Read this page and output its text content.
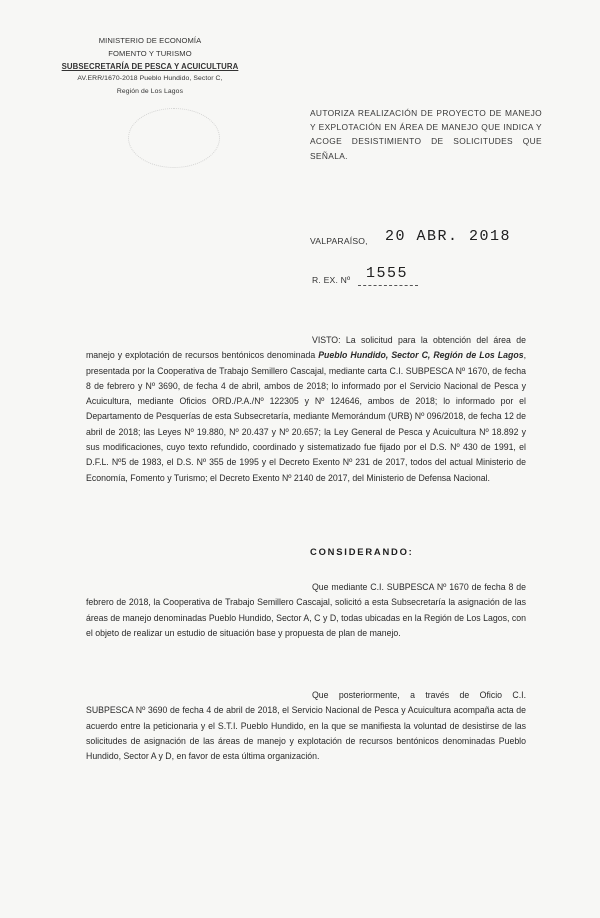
MINISTERIO DE ECONOMÍA
FOMENTO Y TURISMO
SUBSECRETARÍA DE PESCA Y ACUICULTURA
AV.ERR/1670-2018 Pueblo Hundido, Sector C,
Región de Los Lagos
AUTORIZA REALIZACIÓN DE PROYECTO DE MANEJO Y EXPLOTACIÓN EN ÁREA DE MANEJO QUE INDICA Y ACOGE DESISTIMIENTO DE SOLICITUDES QUE SEÑALA.
VALPARAÍSO, 20 ABR. 2018
R. EX. Nº 1555
VISTO: La solicitud para la obtención del área de manejo y explotación de recursos bentónicos denominada Pueblo Hundido, Sector C, Región de Los Lagos, presentada por la Cooperativa de Trabajo Semillero Cascajal, mediante carta C.I. SUBPESCA Nº 1670, de fecha 8 de febrero y Nº 3690, de fecha 4 de abril, ambos de 2018; lo informado por el Servicio Nacional de Pesca y Acuicultura, mediante Oficios ORD./P.A./Nº 122305 y Nº 124646, ambos de 2018; lo informado por el Departamento de Pesquerías de esta Subsecretaría, mediante Memorándum (URB) Nº 096/2018, de fecha 12 de abril de 2018; las Leyes Nº 19.880, Nº 20.437 y Nº 20.657; la Ley General de Pesca y Acuicultura Nº 18.892 y sus modificaciones, cuyo texto refundido, coordinado y sistematizado fue fijado por el D.S. Nº 430 de 1991, el D.F.L. Nº5 de 1983, el D.S. Nº 355 de 1995 y el Decreto Exento Nº 231 de 2017, todos del actual Ministerio de Economía, Fomento y Turismo; el Decreto Exento Nº 2140 de 2017, del Ministerio de Defensa Nacional.
CONSIDERANDO:
Que mediante C.I. SUBPESCA Nº 1670 de fecha 8 de febrero de 2018, la Cooperativa de Trabajo Semillero Cascajal, solicitó a esta Subsecretaría la asignación de las áreas de manejo denominadas Pueblo Hundido, Sector A, C y D, todas ubicadas en la Región de Los Lagos, con el objeto de realizar un estudio de situación base y propuesta de plan de manejo.
Que posteriormente, a través de Oficio C.I. SUBPESCA Nº 3690 de fecha 4 de abril de 2018, el Servicio Nacional de Pesca y Acuicultura acompaña acta de acuerdo entre la peticionaria y el S.T.I. Pueblo Hundido, en la que se manifiesta la voluntad de desistirse de las solicitudes de asignación de las áreas de manejo y explotación de recursos bentónicos denominadas Pueblo Hundido, Sector A y D, en favor de esta última organización.
